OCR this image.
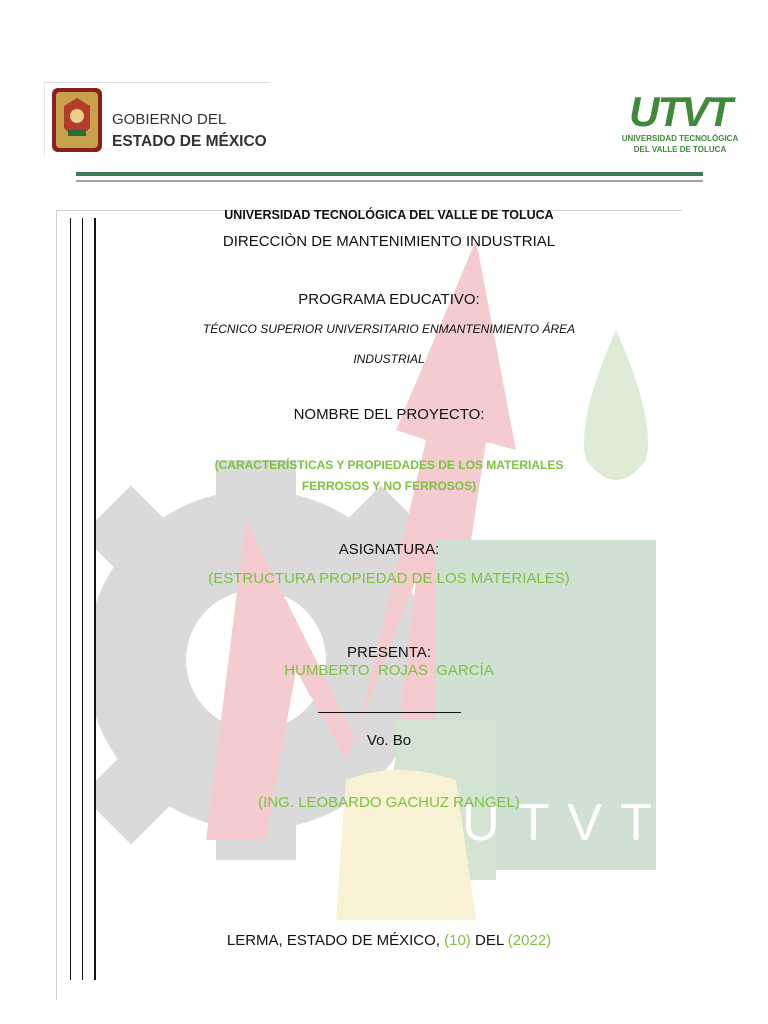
GOBIERNO DEL
ESTADO DE MÉXICO
UTVT
UNIVERSIDAD TECNOLÓGICA
DEL VALLE DE TOLUCA
UTVT
UNIVERSIDAD TECNOLÓGICA DEL VALLE DE TOLUCA
DIRECCIÒN DE MANTENIMIENTO INDUSTRIAL
PROGRAMA EDUCATIVO:
TÉCNICO SUPERIOR UNIVERSITARIO ENMANTENIMIENTO ÁREA
INDUSTRIAL
NOMBRE DEL PROYECTO:
(CARACTERÍSTICAS Y PROPIEDADES DE LOS MATERIALES
FERROSOS Y NO FERROSOS)
ASIGNATURA:
(ESTRUCTURA PROPIEDAD DE LOS MATERIALES)
PRESENTA:
HUMBERTO  ROJAS  GARCÍA
Vo. Bo
(ING. LEOBARDO GACHUZ RANGEL)
LERMA, ESTADO DE MÉXICO, (10) DEL (2022)
